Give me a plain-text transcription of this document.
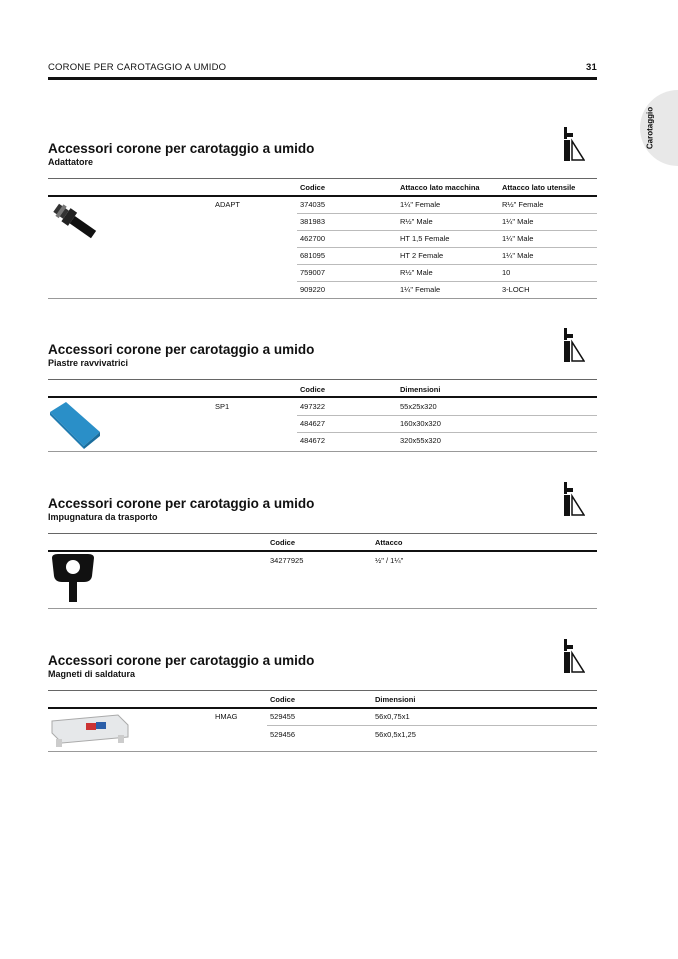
CORONE PER CAROTAGGIO A UMIDO	31
Carotaggio
Accessori corone per carotaggio a umido
Adattatore
Codice	Attacco lato macchina	Attacco lato utensile
ADAPT	374035	1¼" Female	R½" Female
381983	R½" Male	1¼" Male
462700	HT 1,5 Female	1¼" Male
681095	HT 2 Female	1¼" Male
759007	R½" Male	10
909220	1¼" Female	3-LOCH
Accessori corone per carotaggio a umido
Piastre ravvivatrici
Codice	Dimensioni
SP1	497322	55x25x320
484627	160x30x320
484672	320x55x320
Accessori corone per carotaggio a umido
Impugnatura da trasporto
Codice	Attacco
34277925	½" / 1¼"
Accessori corone per carotaggio a umido
Magneti di saldatura
Codice	Dimensioni
HMAG	529455	56x0,75x1
529456	56x0,5x1,25
